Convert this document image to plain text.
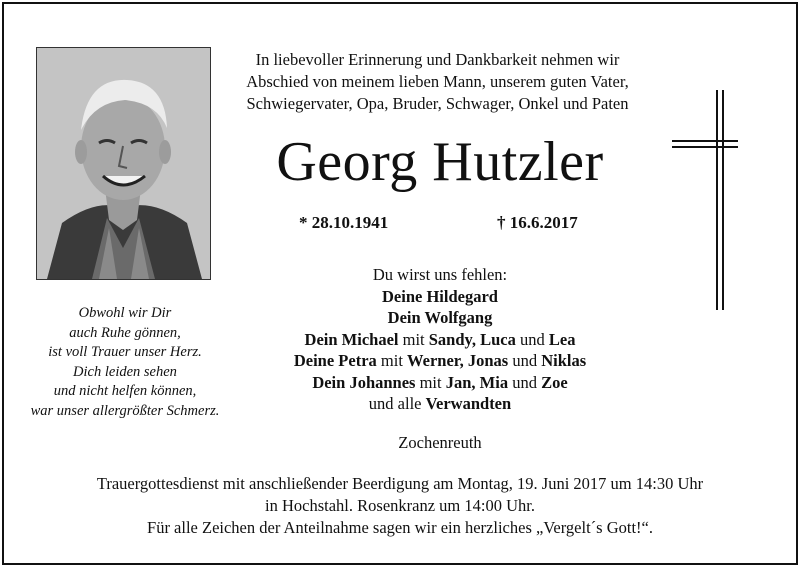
Obwohl wir Dir
auch Ruhe gönnen,
ist voll Trauer unser Herz.
Dich leiden sehen
und nicht helfen können,
war unser allergrößter Schmerz.
In liebevoller Erinnerung und Dankbarkeit nehmen wir
Abschied von meinem lieben Mann, unserem guten Vater,
Schwiegervater, Opa, Bruder, Schwager, Onkel und Paten
Georg Hutzler
* 28.10.1941	† 16.6.2017
Du wirst uns fehlen:
Deine Hildegard
Dein Wolfgang
Dein Michael mit Sandy, Luca und Lea
Deine Petra mit Werner, Jonas und Niklas
Dein Johannes mit Jan, Mia und Zoe
und alle Verwandten
Zochenreuth
Trauergottesdienst mit anschließender Beerdigung am Montag, 19. Juni 2017 um 14:30 Uhr
in Hochstahl. Rosenkranz um 14:00 Uhr.
Für alle Zeichen der Anteilnahme sagen wir ein herzliches „Vergelt´s Gott!“.
